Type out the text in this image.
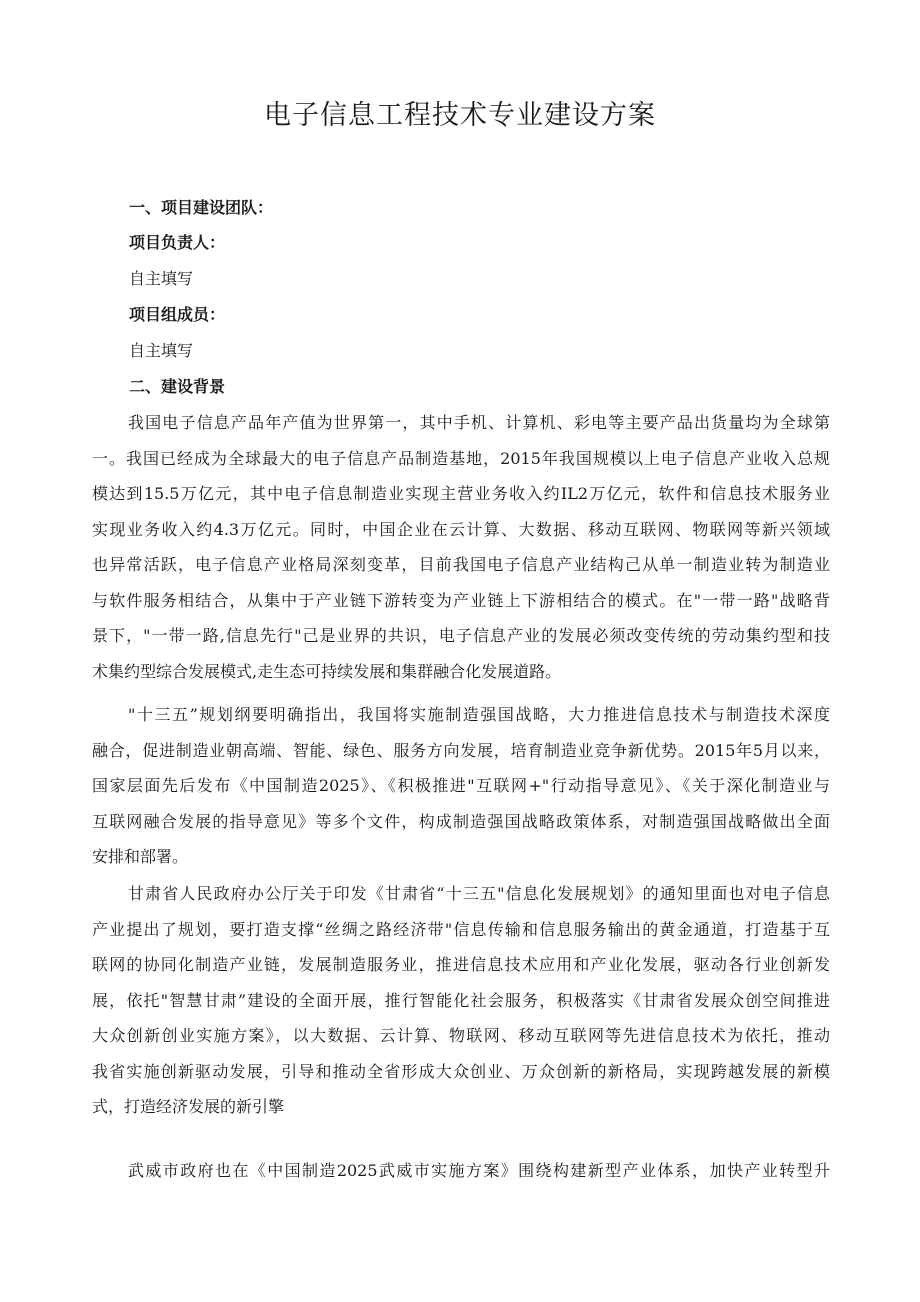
电子信息工程技术专业建设方案
一、项目建设团队：
项目负责人：
自主填写
项目组成员：
自主填写
二、建设背景
我国电子信息产品年产值为世界第一，其中手机、计算机、彩电等主要产品出货量均为全球第
一。我国已经成为全球最大的电子信息产品制造基地，2015年我国规模以上电子信息产业收入总规
模达到15.5万亿元，其中电子信息制造业实现主营业务收入约IL2万亿元，软件和信息技术服务业
实现业务收入约4.3万亿元。同时，中国企业在云计算、大数据、移动互联网、物联网等新兴领域
也异常活跃，电子信息产业格局深刻变革，目前我国电子信息产业结构己从单一制造业转为制造业
与软件服务相结合，从集中于产业链下游转变为产业链上下游相结合的模式。在"一带一路"战略背
景下，"一带一路,信息先行"己是业界的共识，电子信息产业的发展必须改变传统的劳动集约型和技
术集约型综合发展模式,走生态可持续发展和集群融合化发展道路。
"十三五”规划纲要明确指出，我国将实施制造强国战略，大力推进信息技术与制造技术深度
融合，促进制造业朝高端、智能、绿色、服务方向发展，培育制造业竞争新优势。2015年5月以来，
国家层面先后发布《中国制造2025》、《积极推进"互联网+"行动指导意见》、《关于深化制造业与
互联网融合发展的指导意见》等多个文件，构成制造强国战略政策体系，对制造强国战略做出全面
安排和部署。
甘肃省人民政府办公厅关于印发《甘肃省“十三五"信息化发展规划》的通知里面也对电子信息
产业提出了规划，要打造支撑“丝绸之路经济带"信息传输和信息服务输出的黄金通道，打造基于互
联网的协同化制造产业链，发展制造服务业，推进信息技术应用和产业化发展，驱动各行业创新发
展，依托"智慧甘肃”建设的全面开展，推行智能化社会服务，积极落实《甘肃省发展众创空间推进
大众创新创业实施方案》，以大数据、云计算、物联网、移动互联网等先进信息技术为依托，推动
我省实施创新驱动发展，引导和推动全省形成大众创业、万众创新的新格局，实现跨越发展的新模
式，打造经济发展的新引擎
武威市政府也在《中国制造2025武威市实施方案》围绕构建新型产业体系，加快产业转型升
